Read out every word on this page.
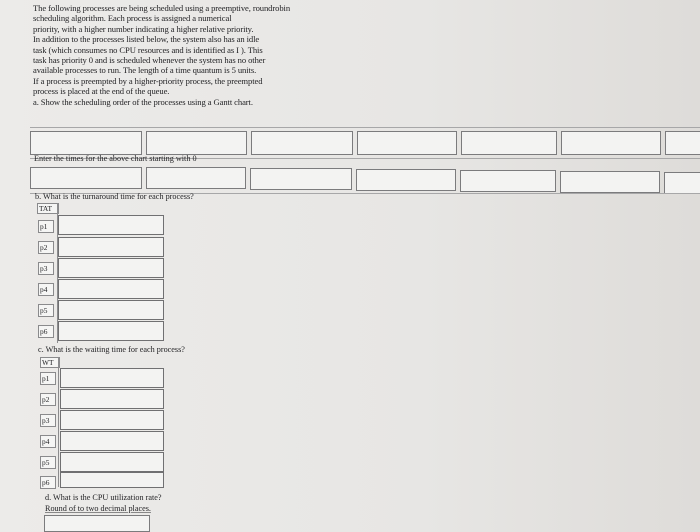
The following processes are being scheduled using a preemptive, roundrobin
scheduling algorithm. Each process is assigned a numerical
priority, with a higher number indicating a higher relative priority.
In addition to the processes listed below, the system also has an idle
task (which consumes no CPU resources and is identified as I ). This
task has priority 0 and is scheduled whenever the system has no other
available processes to run. The length of a time quantum is 5 units.
If a process is preempted by a higher-priority process, the preempted
process is placed at the end of the queue.
a. Show the scheduling order of the processes using a Gantt chart.
Enter the times for the above chart starting with 0
b. What is the turnaround time for each process?
TAT
p1
p2
p3
p4
p5
p6
c. What is the waiting time for each process?
WT
p1
p2
p3
p4
p5
p6
d. What is the CPU utilization rate?
Round of to two decimal places.
